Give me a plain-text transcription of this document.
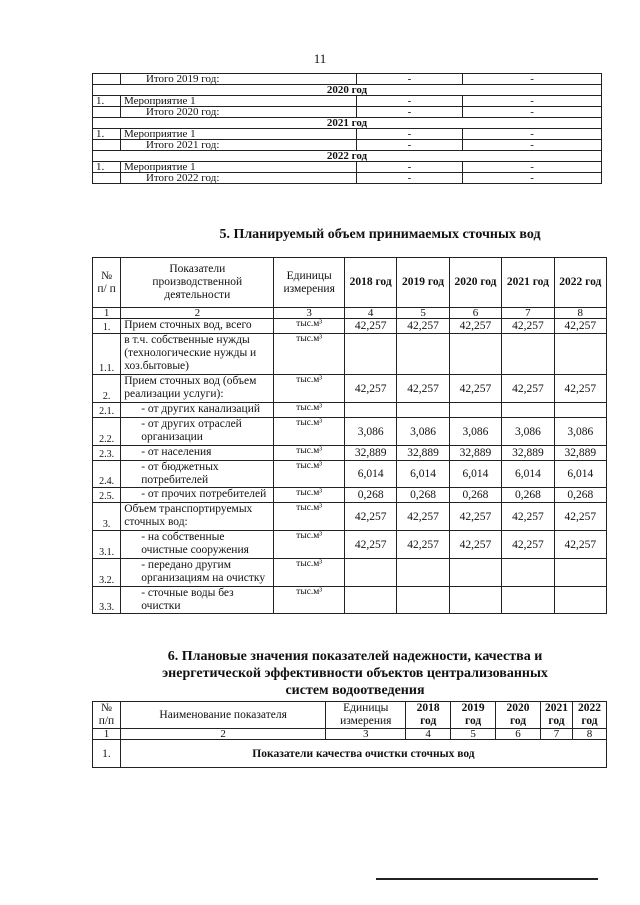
11
	Итого 2019 год:	-	-
2020 год			
1.	Мероприятие 1	-	-
	Итого 2020 год:	-	-
2021 год			
1.	Мероприятие 1	-	-
	Итого 2021 год:	-	-
2022 год			
1.	Мероприятие 1	-	-
	Итого 2022 год:	-	-
5. Планируемый объем принимаемых сточных вод
№ п/ п	Показатели производственной деятельности	Единицы измерения	2018 год	2019 год	2020 год	2021 год	2022 год
1	2	3	4	5	6	7	8
1.	Прием сточных вод, всего	тыс.м³	42,257	42,257	42,257	42,257	42,257
1.1.	в т.ч. собственные нужды (технологические нужды и хоз.бытовые)	тыс.м³					
2.	Прием сточных вод (объем реализации услуги):	тыс.м³	42,257	42,257	42,257	42,257	42,257
2.1.	- от других канализаций	тыс.м³					
2.2.	- от других отраслей организации	тыс.м³	3,086	3,086	3,086	3,086	3,086
2.3.	- от населения	тыс.м³	32,889	32,889	32,889	32,889	32,889
2.4.	- от бюджетных потребителей	тыс.м³	6,014	6,014	6,014	6,014	6,014
2.5.	- от прочих потребителей	тыс.м³	0,268	0,268	0,268	0,268	0,268
3.	Объем транспортируемых сточных вод:	тыс.м³	42,257	42,257	42,257	42,257	42,257
3.1.	- на собственные очистные сооружения	тыс.м³	42,257	42,257	42,257	42,257	42,257
3.2.	- передано другим организациям на очистку	тыс.м³					
3.3.	- сточные воды без очистки	тыс.м³					
6. Плановые значения показателей надежности, качества и
энергетической эффективности объектов централизованных
систем водоотведения
№ п/п	Наименование показателя	Единицы измерения	2018 год	2019 год	2020 год	2021 год	2022 год
1	2	3	4	5	6	7	8
1.	Показатели качества очистки сточных вод						
